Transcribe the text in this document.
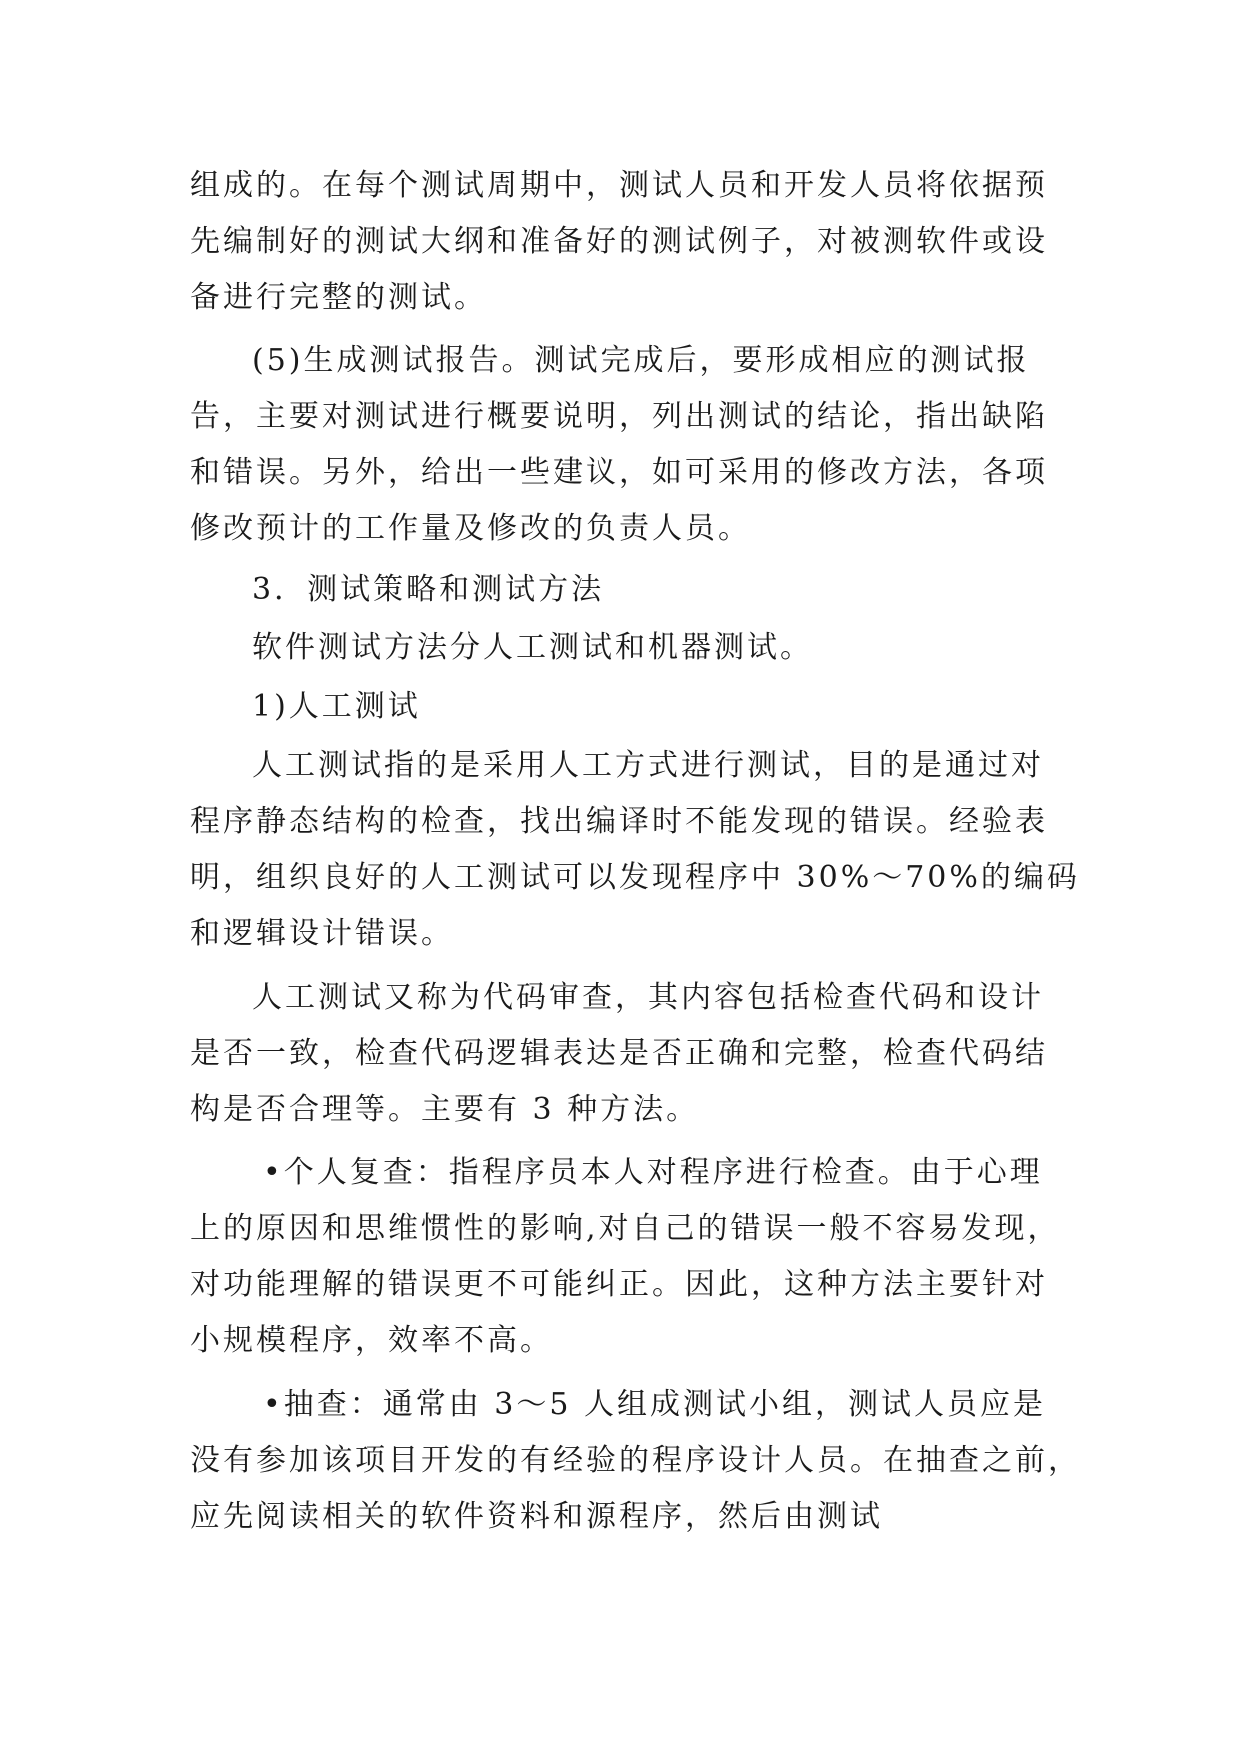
组成的。在每个测试周期中，测试人员和开发人员将依据预
先编制好的测试大纲和准备好的测试例子，对被测软件或设
备进行完整的测试。
(5)生成测试报告。测试完成后，要形成相应的测试报
告，主要对测试进行概要说明，列出测试的结论，指出缺陷
和错误。另外，给出一些建议，如可采用的修改方法，各项
修改预计的工作量及修改的负责人员。
3．测试策略和测试方法
软件测试方法分人工测试和机器测试。
1)人工测试
人工测试指的是采用人工方式进行测试，目的是通过对
程序静态结构的检查，找出编译时不能发现的错误。经验表
明，组织良好的人工测试可以发现程序中 30%～70%的编码
和逻辑设计错误。
人工测试又称为代码审查，其内容包括检查代码和设计
是否一致，检查代码逻辑表达是否正确和完整，检查代码结
构是否合理等。主要有 3 种方法。
•个人复查：指程序员本人对程序进行检查。由于心理
上的原因和思维惯性的影响,对自己的错误一般不容易发现，
对功能理解的错误更不可能纠正。因此，这种方法主要针对
小规模程序，效率不高。
•抽查：通常由 3～5 人组成测试小组，测试人员应是
没有参加该项目开发的有经验的程序设计人员。在抽查之前，
应先阅读相关的软件资料和源程序，然后由测试
